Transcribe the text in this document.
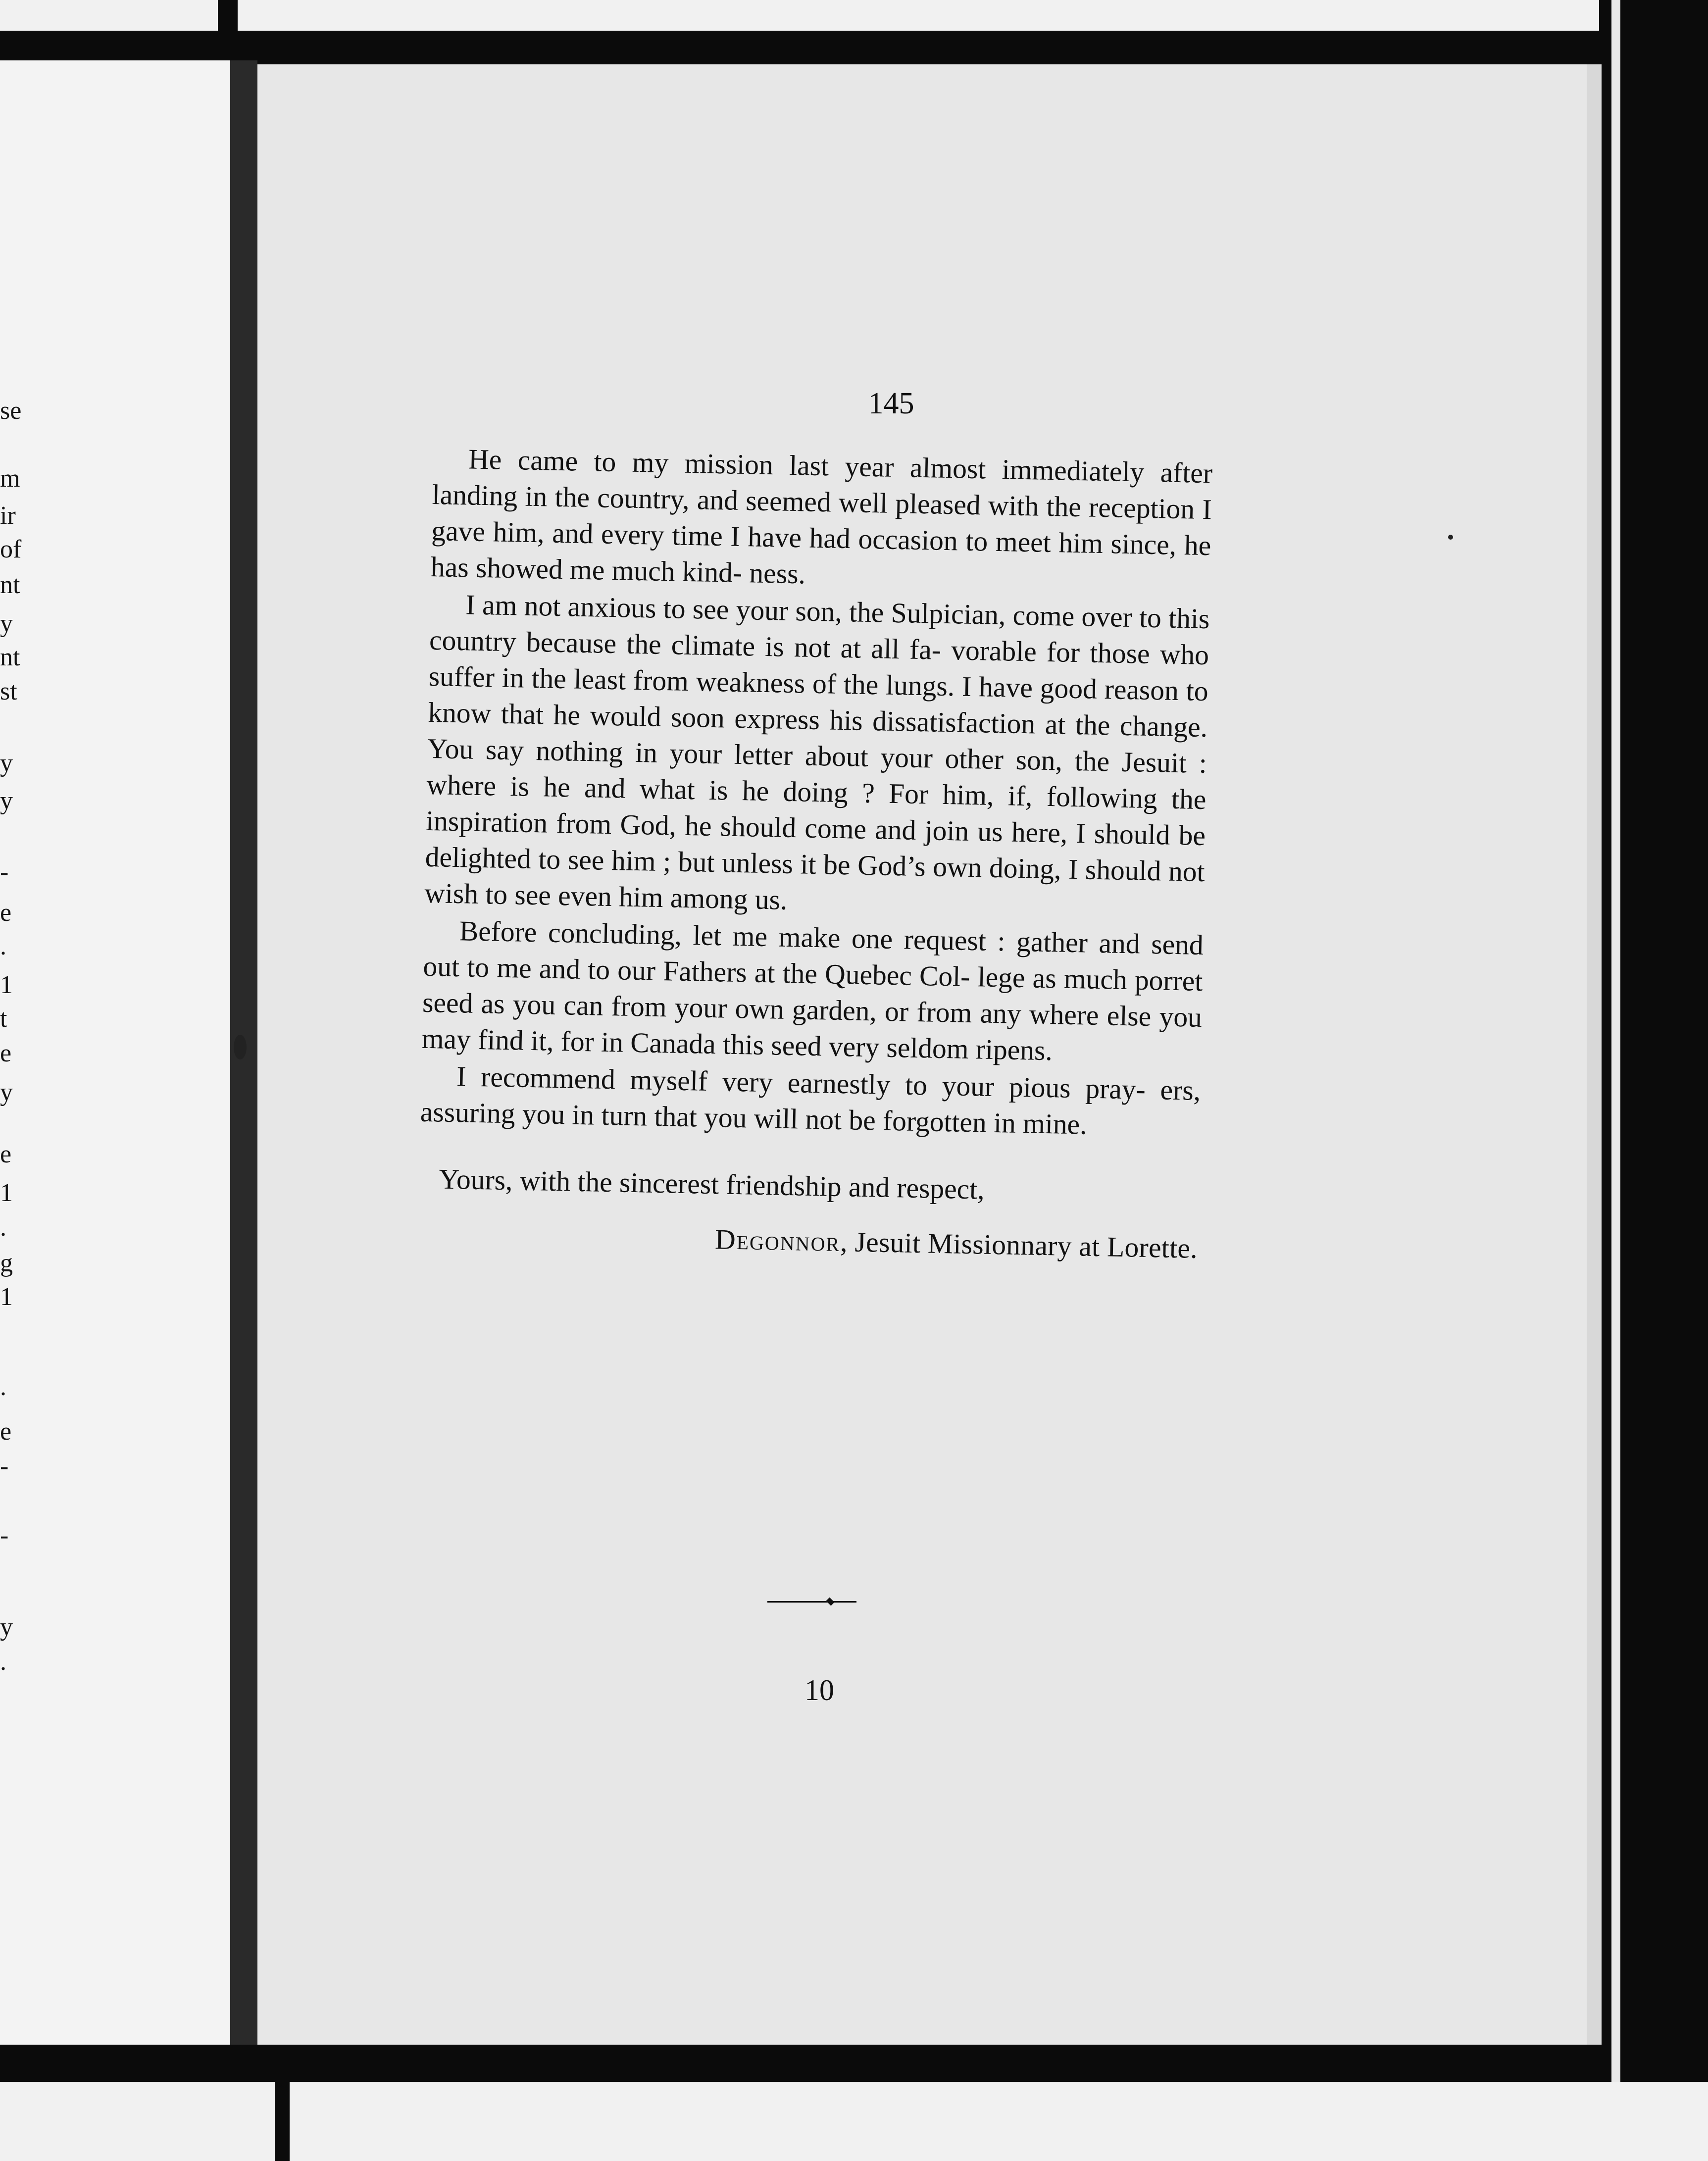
se
m
ir
of
nt
y
nt
st
y
y
-
e
.
1
t
e
y
e
1
.
g
1
.
e
-
-
y
.
145

He came to my mission last year almost immediately after landing in the country, and seemed well pleased with the reception I gave him, and every time I have had occasion to meet him since, he has showed me much kind- ness.

I am not anxious to see your son, the Sulpician, come over to this country because the climate is not at all fa- vorable for those who suffer in the least from weakness of the lungs. I have good reason to know that he would soon express his dissatisfaction at the change. You say nothing in your letter about your other son, the Jesuit : where is he and what is he doing ? For him, if, following the inspiration from God, he should come and join us here, I should be delighted to see him ; but unless it be God’s own doing, I should not wish to see even him among us.

Before concluding, let me make one request : gather and send out to me and to our Fathers at the Quebec Col- lege as much porret seed as you can from your own garden, or from any where else you may find it, for in Canada this seed very seldom ripens.

I recommend myself very earnestly to your pious pray- ers, assuring you in turn that you will not be forgotten in mine.

Yours, with the sincerest friendship and respect,

Degonnor, Jesuit Missionnary at Lorette.

10
